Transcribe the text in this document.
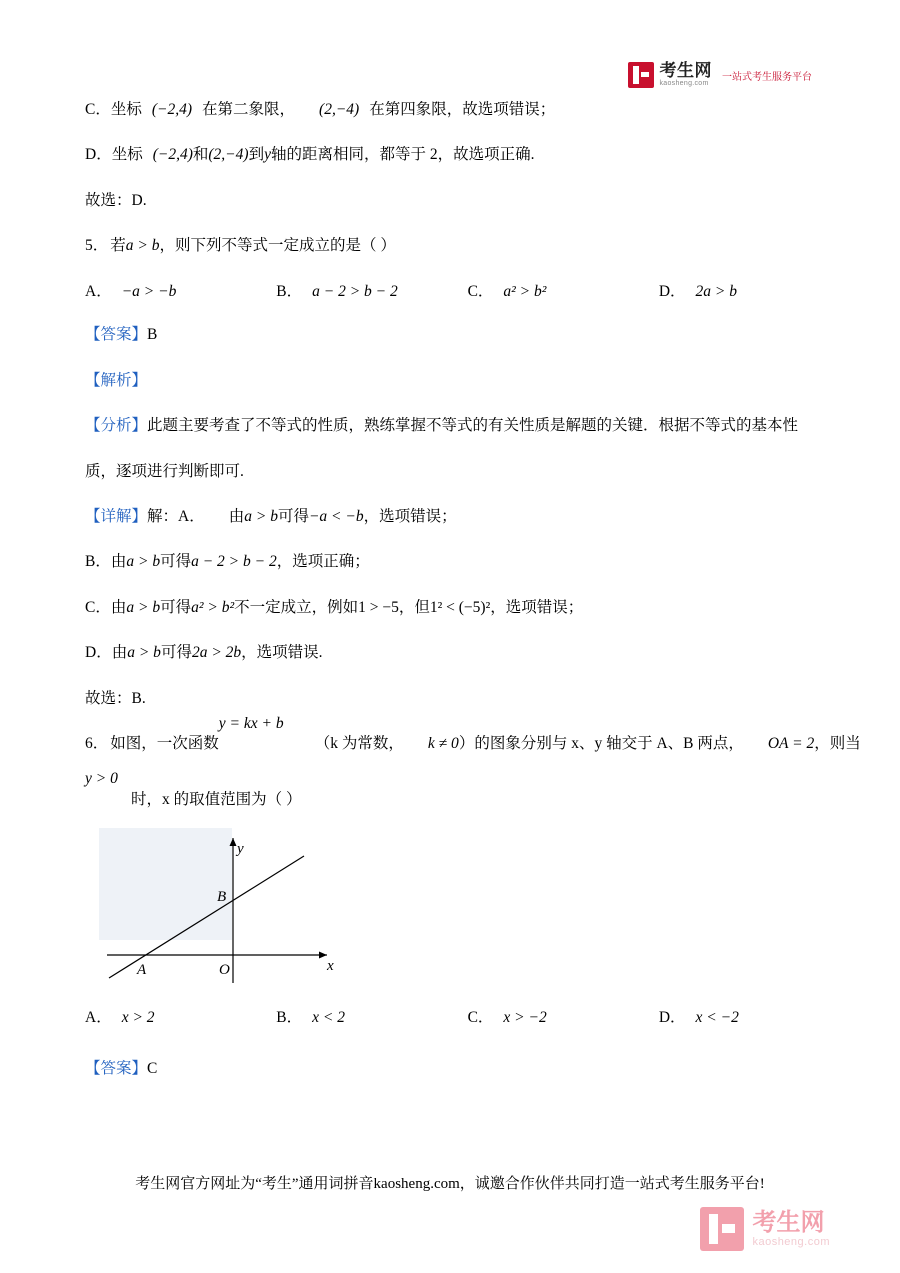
考生网
kaosheng.com
一站式考生服务平台
C．坐标 (−2,4) 在第二象限， (2,−4) 在第四象限，故选项错误；
D．坐标 (−2,4)和(2,−4)到y轴的距离相同，都等于 2，故选项正确.
故选：D.
5． 若a > b，则下列不等式一定成立的是（ ）
A． −a > −b	B． a − 2 > b − 2	C． a² > b²	D． 2a > b
【答案】B
【解析】
【分析】此题主要考查了不等式的性质，熟练掌握不等式的有关性质是解题的关键．根据不等式的基本性
质，逐项进行判断即可.
【详解】解：A． 由a > b可得−a < −b，选项错误；
B．由a > b可得a − 2 > b − 2，选项正确；
C．由a > b可得a² > b²不一定成立，例如1 > −5，但1² < (−5)²，选项错误；
D．由a > b可得2a > 2b，选项错误.
故选：B.
6． 如图，一次函数
y = kx + b
（k 为常数， k ≠ 0）的图象分别与 x、y 轴交于 A、B 两点， OA = 2，则当
y > 0
时，x 的取值范围为（ ）
y
x
O
A
B
A． x > 2	B． x < 2	C． x > −2	D． x < −2
【答案】C
考生网官方网址为“考生”通用词拼音kaosheng.com，诚邀合作伙伴共同打造一站式考生服务平台!
考生网
kaosheng.com
